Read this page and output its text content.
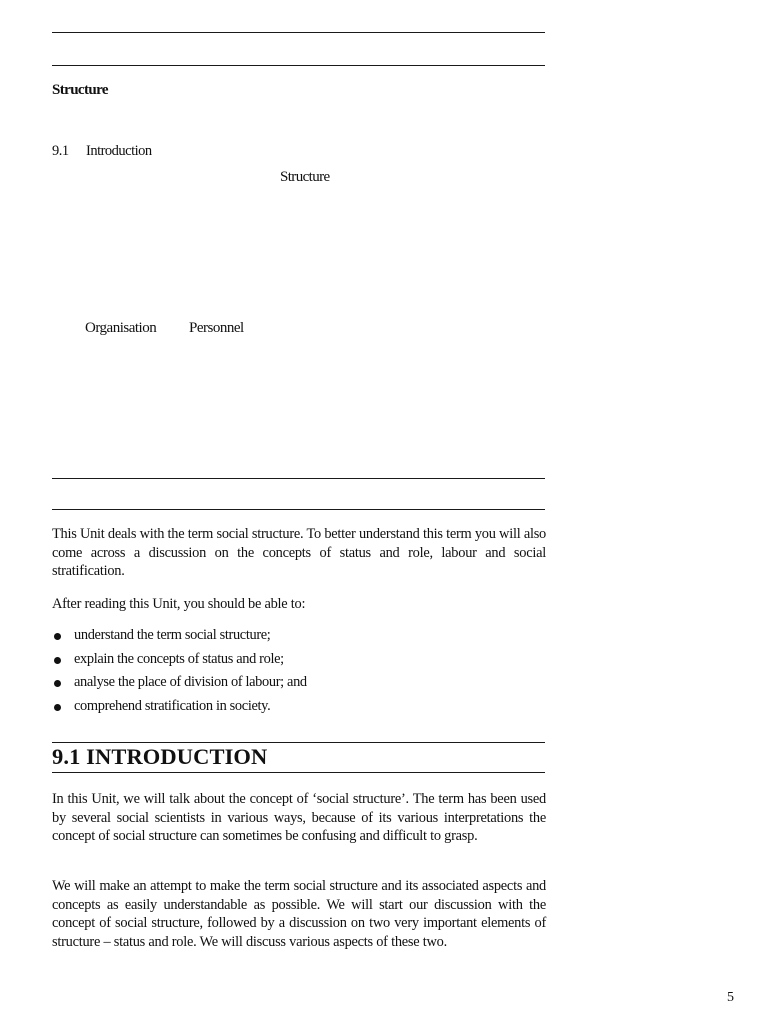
Structure
9.1 Introduction
Structure
Organisation Personnel

This Unit deals with the term social structure. To better understand this term you will also come across a discussion on the concepts of status and role, labour and social stratification.

After reading this Unit, you should be able to:

understand the term social structure;
explain the concepts of status and role;
analyse the place of division of labour; and
comprehend stratification in society.
9.1 INTRODUCTION

In this Unit, we will talk about the concept of ‘social structure’. The term has been used by several social scientists in various ways, because of its various interpretations the concept of social structure can sometimes be confusing and difficult to grasp.

We will make an attempt to make the term social structure and its associated aspects and concepts as easily understandable as possible. We will start our discussion with the concept of social structure, followed by a discussion on two very important elements of structure – status and role. We will discuss various aspects of these two.

5
